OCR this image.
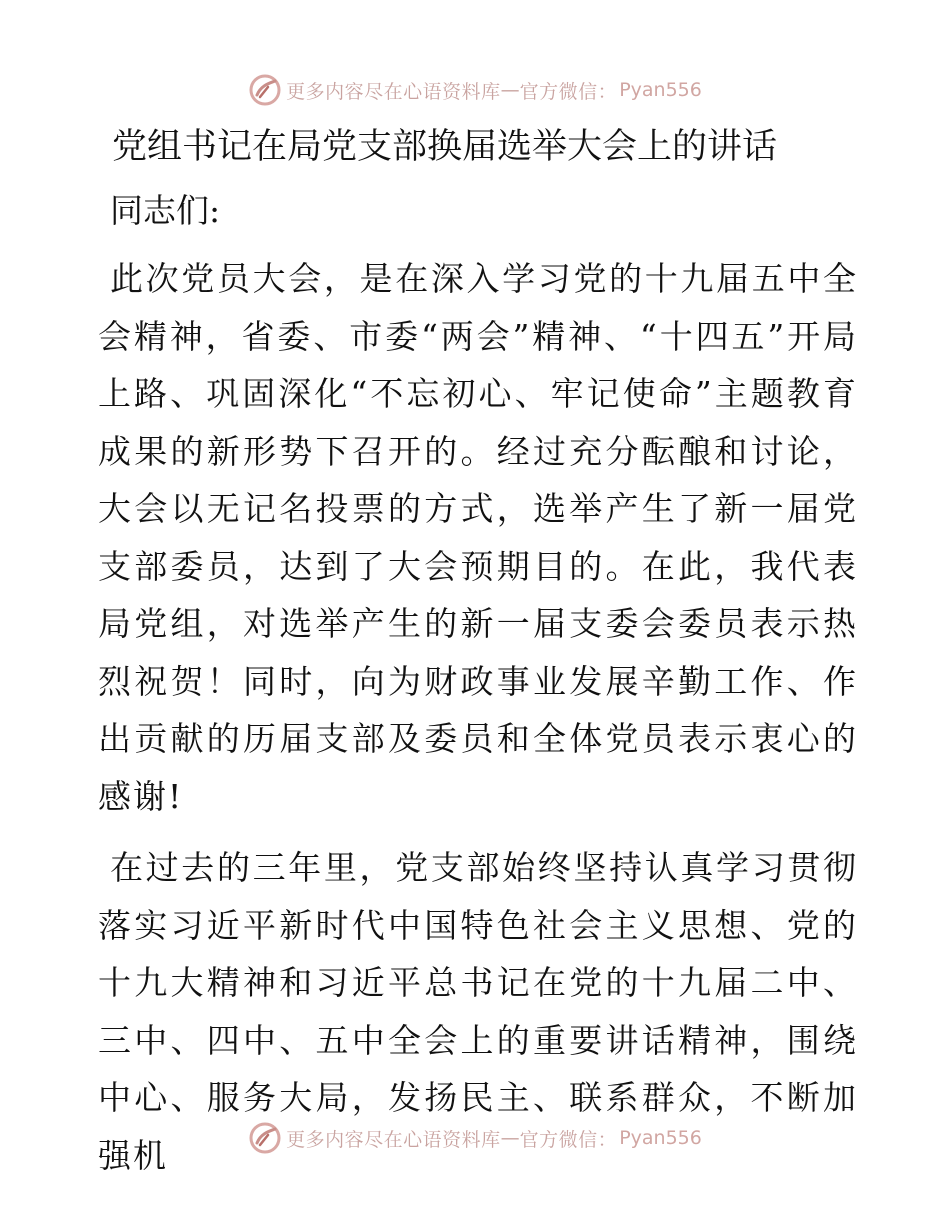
更多内容尽在心语资料库 — 官方微信： Pyan556
党组书记在局党支部换届选举大会上的讲话
同志们:

此次党员大会，是在深入学习党的十九届五中全会精神，省委、市委“两会”精神、“十四五”开局上路、巩固深化“不忘初心、牢记使命”主题教育成果的新形势下召开的。经过充分酝酿和讨论，大会以无记名投票的方式，选举产生了新一届党支部委员，达到了大会预期目的。在此，我代表局党组，对选举产生的新一届支委会委员表示热烈祝贺！同时，向为财政事业发展辛勤工作、作出贡献的历届支部及委员和全体党员表示衷心的感谢!

在过去的三年里，党支部始终坚持认真学习贯彻落实习近平新时代中国特色社会主义思想、党的十九大精神和习近平总书记在党的十九届二中、三中、四中、五中全会上的重要讲话精神，围绕中心、服务大局，发扬民主、联系群众，不断加强机	更多内容尽在心语资料库 — 官方微信： Pyan556
